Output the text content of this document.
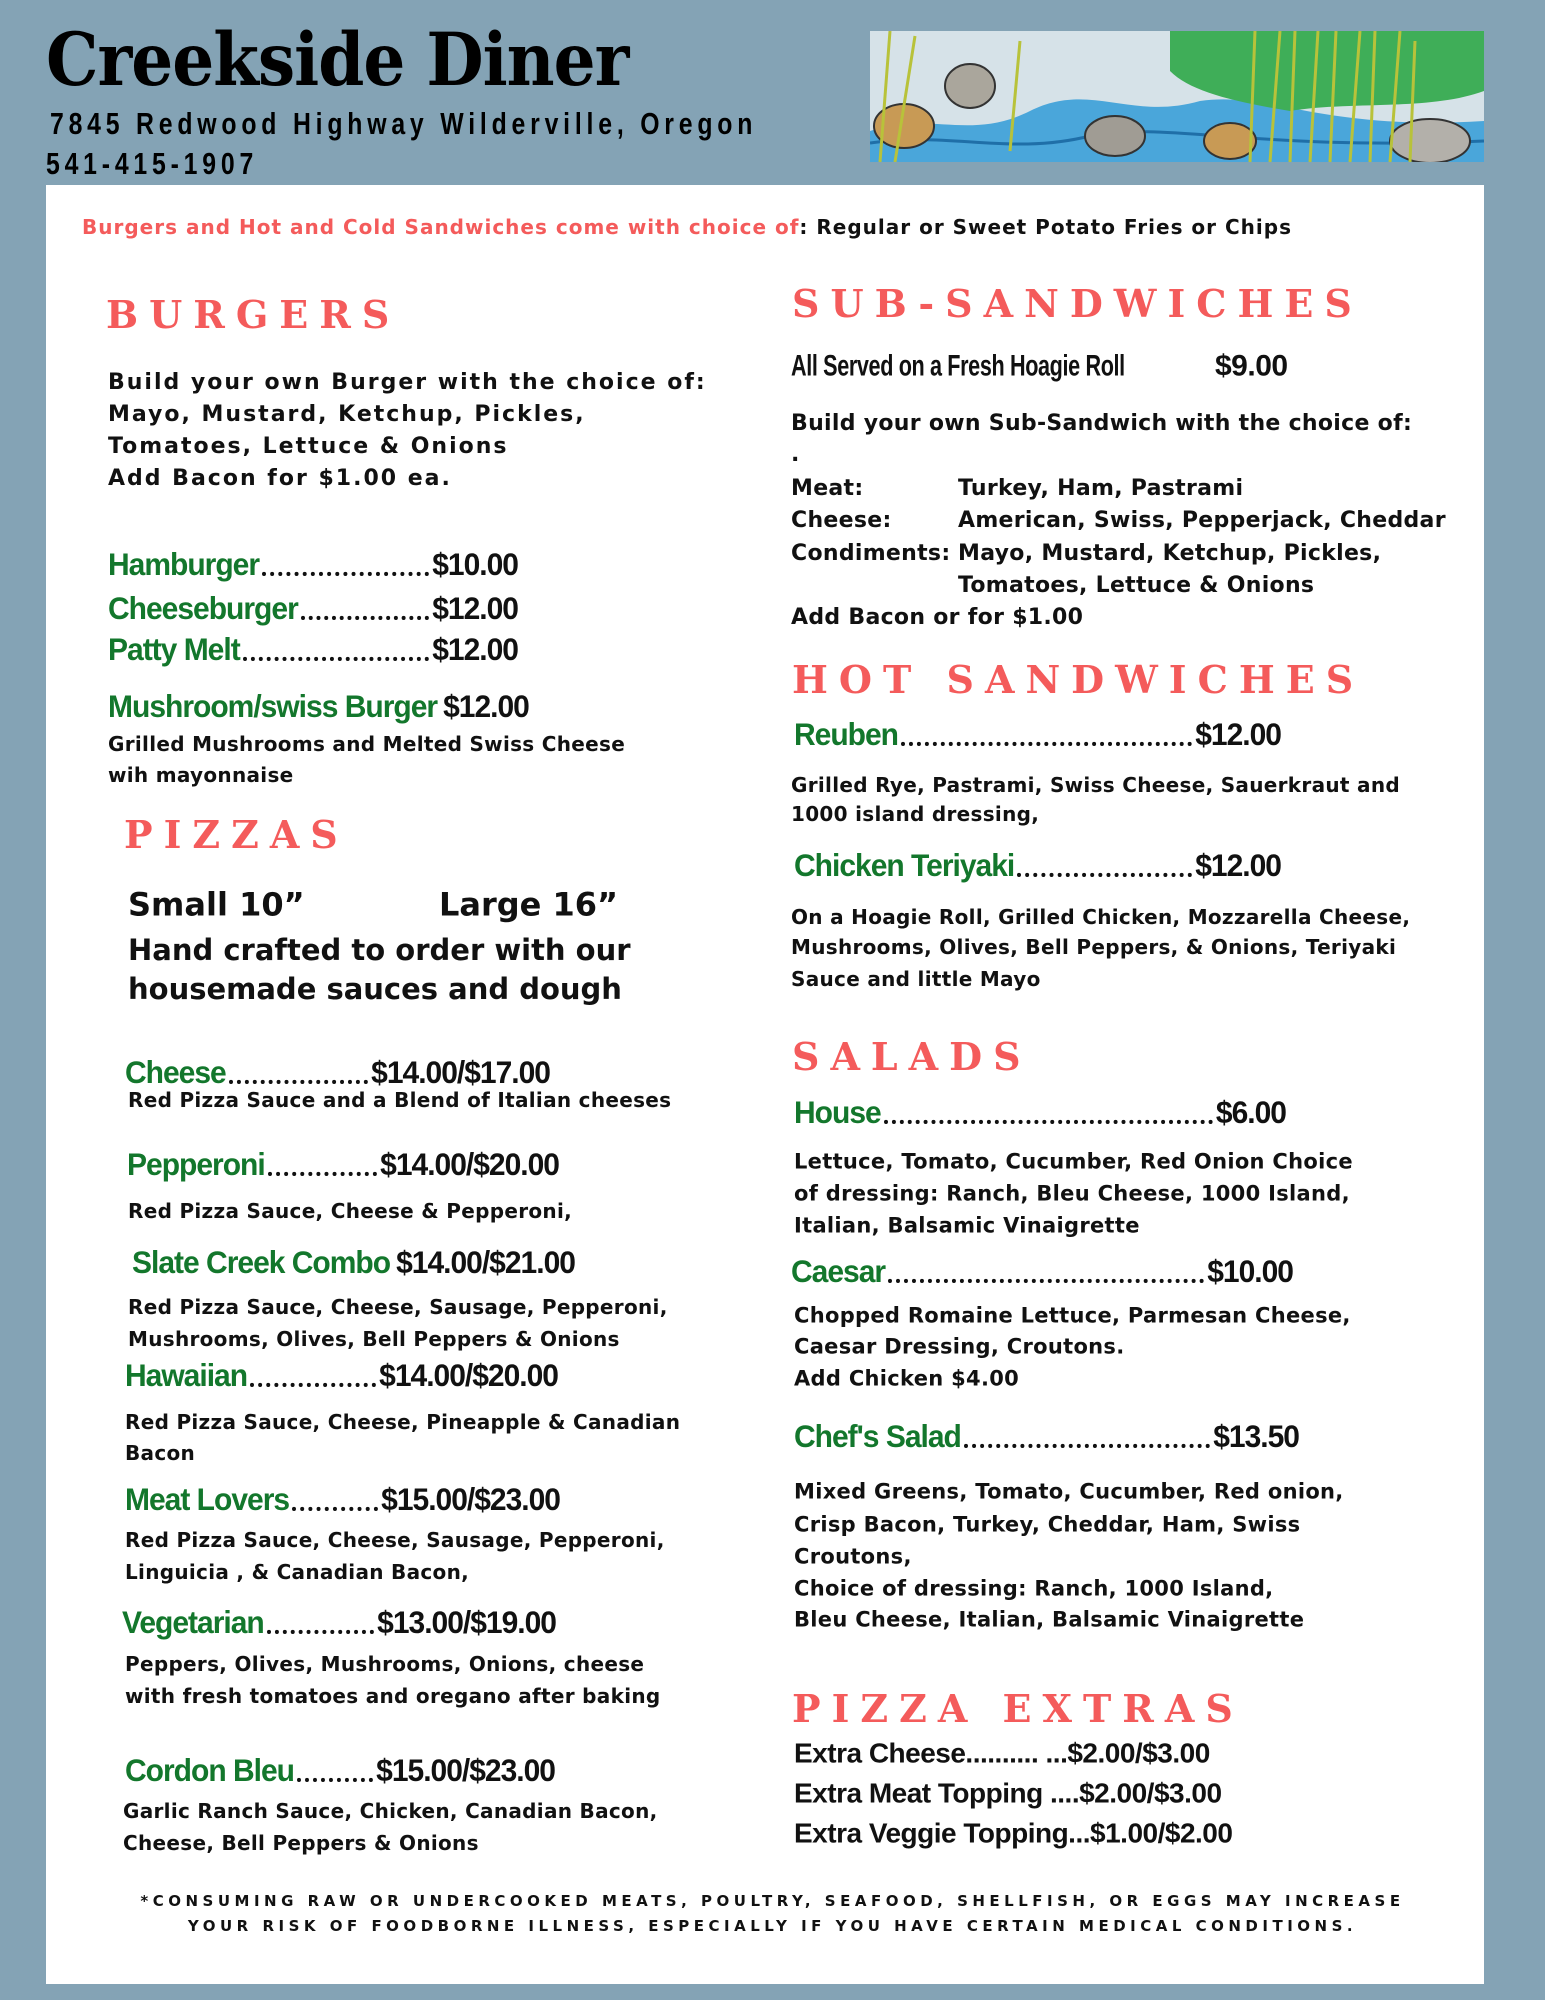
Creekside Diner
7845 Redwood Highway Wilderville, Oregon
541-415-1907
Burgers and Hot and Cold Sandwiches come with choice of: Regular or Sweet Potato Fries or Chips
BURGERS
Build your own Burger with the choice of:
Mayo, Mustard, Ketchup, Pickles,
Tomatoes, Lettuce & Onions
Add Bacon for $1.00 ea.
Hamburger	$10.00
Cheeseburger	$12.00
Patty Melt	$12.00
Mushroom/swiss Burger $12.00
Grilled Mushrooms and Melted Swiss Cheese
wih mayonnaise
PIZZAS
Small 10”	Large 16”
Hand crafted to order with our
housemade sauces and dough
Cheese	$14.00/$17.00
Red Pizza Sauce and a Blend of Italian cheeses
Pepperoni	$14.00/$20.00
Red Pizza Sauce, Cheese & Pepperoni,
Slate Creek Combo $14.00/$21.00
Red Pizza Sauce, Cheese, Sausage, Pepperoni,
Mushrooms, Olives, Bell Peppers & Onions
Hawaiian	$14.00/$20.00
Red Pizza Sauce, Cheese, Pineapple & Canadian
Bacon
Meat Lovers	$15.00/$23.00
Red Pizza Sauce, Cheese, Sausage, Pepperoni,
Linguicia , & Canadian Bacon,
Vegetarian	$13.00/$19.00
Peppers, Olives, Mushrooms, Onions, cheese
with fresh tomatoes and oregano after baking
Cordon Bleu	$15.00/$23.00
Garlic Ranch Sauce, Chicken, Canadian Bacon,
Cheese, Bell Peppers & Onions
SUB-SANDWICHES
All Served on a Fresh Hoagie Roll	$9.00
Build your own Sub-Sandwich with the choice of:
.
Meat:	Turkey, Ham, Pastrami
Cheese:	American, Swiss, Pepperjack, Cheddar
Condiments: Mayo, Mustard, Ketchup, Pickles,
Tomatoes, Lettuce & Onions
Add Bacon or for $1.00
HOT SANDWICHES
Reuben	$12.00
Grilled Rye, Pastrami, Swiss Cheese, Sauerkraut and
1000 island dressing,
Chicken Teriyaki	$12.00
On a Hoagie Roll, Grilled Chicken, Mozzarella Cheese,
Mushrooms, Olives, Bell Peppers, & Onions, Teriyaki
Sauce and little Mayo
SALADS
House	$6.00
Lettuce, Tomato, Cucumber, Red Onion Choice
of dressing: Ranch, Bleu Cheese, 1000 Island,
Italian, Balsamic Vinaigrette
Caesar	$10.00
Chopped Romaine Lettuce, Parmesan Cheese,
Caesar Dressing, Croutons.
Add Chicken $4.00
Chef's Salad	$13.50
Mixed Greens, Tomato, Cucumber, Red onion,
Crisp Bacon, Turkey, Cheddar, Ham, Swiss
Croutons,
Choice of dressing: Ranch, 1000 Island,
Bleu Cheese, Italian, Balsamic Vinaigrette
PIZZA EXTRAS
Extra Cheese.......... ...$2.00/$3.00
Extra Meat Topping ....$2.00/$3.00
Extra Veggie Topping...$1.00/$2.00
*CONSUMING RAW OR UNDERCOOKED MEATS, POULTRY, SEAFOOD, SHELLFISH, OR EGGS MAY INCREASE
YOUR RISK OF FOODBORNE ILLNESS, ESPECIALLY IF YOU HAVE CERTAIN MEDICAL CONDITIONS.
